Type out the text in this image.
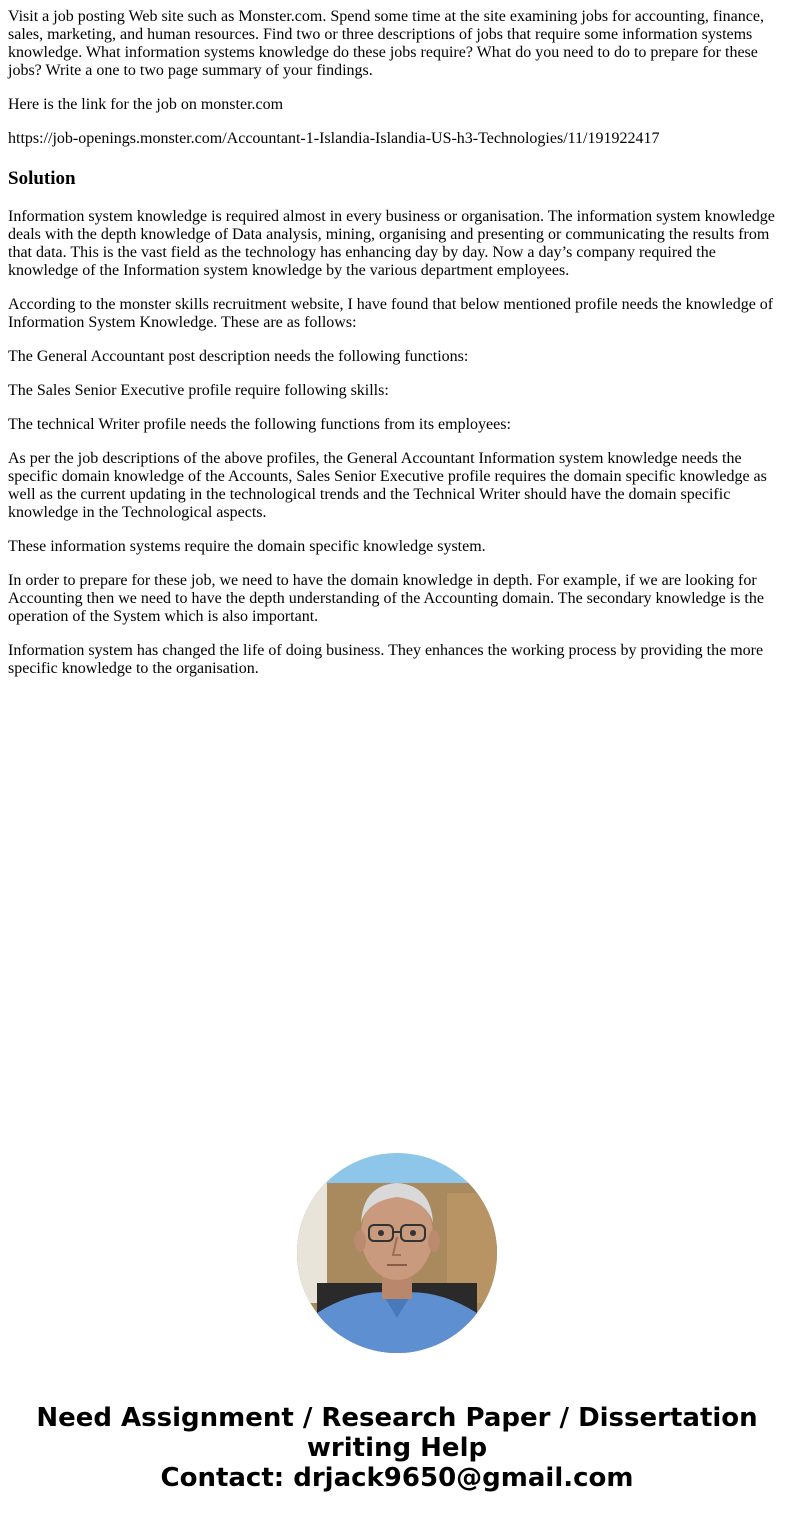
Visit a job posting Web site such as Monster.com. Spend some time at the site examining jobs for accounting, finance, sales, marketing, and human resources. Find two or three descriptions of jobs that require some information systems knowledge. What information systems knowledge do these jobs require? What do you need to do to prepare for these jobs? Write a one to two page summary of your findings.

Here is the link for the job on monster.com

https://job-openings.monster.com/Accountant-1-Islandia-Islandia-US-h3-Technologies/11/191922417

Solution

Information system knowledge is required almost in every business or organisation. The information system knowledge deals with the depth knowledge of Data analysis, mining, organising and presenting or communicating the results from that data. This is the vast field as the technology has enhancing day by day. Now a day’s company required the knowledge of the Information system knowledge by the various department employees.

According to the monster skills recruitment website, I have found that below mentioned profile needs the knowledge of Information System Knowledge. These are as follows:

The General Accountant post description needs the following functions:

The Sales Senior Executive profile require following skills:

The technical Writer profile needs the following functions from its employees:

As per the job descriptions of the above profiles, the General Accountant Information system knowledge needs the specific domain knowledge of the Accounts, Sales Senior Executive profile requires the domain specific knowledge as well as the current updating in the technological trends and the Technical Writer should have the domain specific knowledge in the Technological aspects.

These information systems require the domain specific knowledge system.

In order to prepare for these job, we need to have the domain knowledge in depth. For example, if we are looking for Accounting then we need to have the depth understanding of the Accounting domain. The secondary knowledge is the operation of the System which is also important.

Information system has changed the life of doing business. They enhances the working process by providing the more specific knowledge to the organisation.

Need Assignment / Research Paper / Dissertation
writing Help
Contact: drjack9650@gmail.com
